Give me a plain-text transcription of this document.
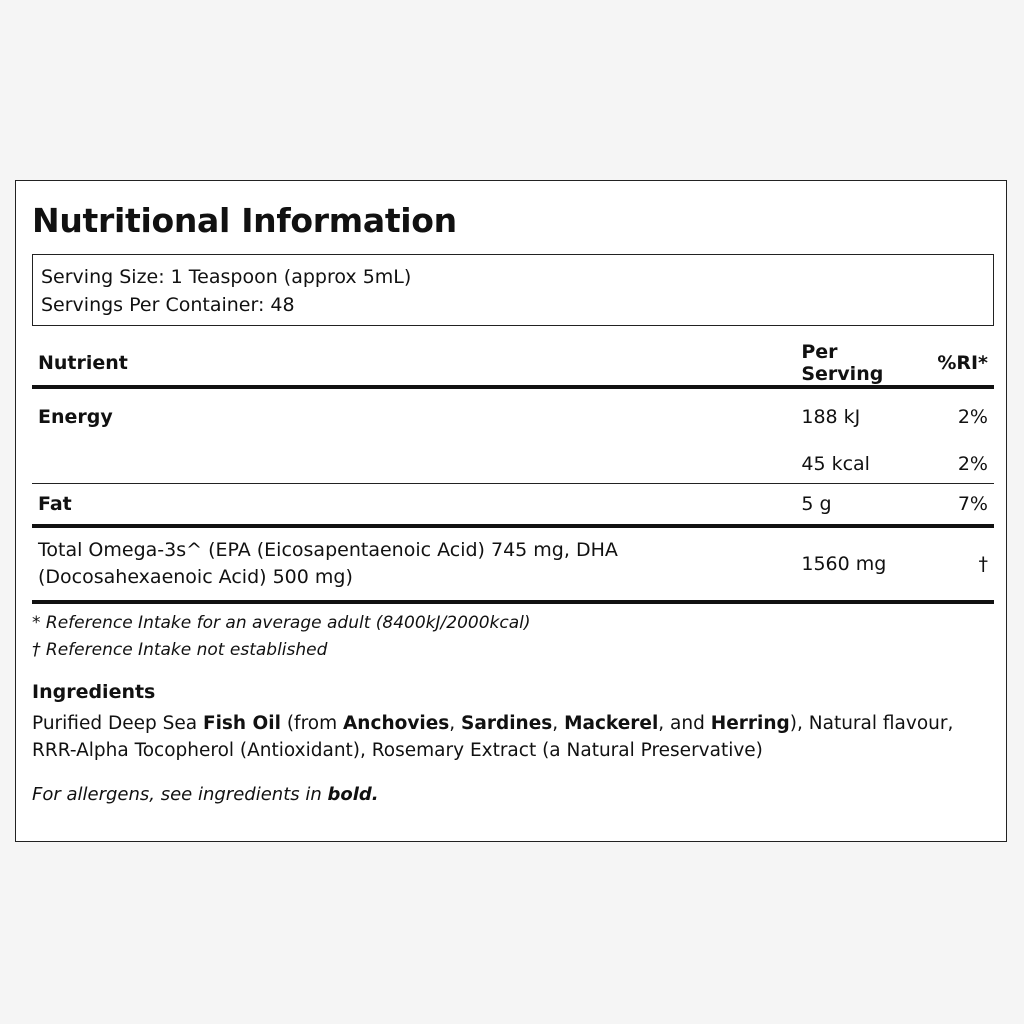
Nutritional Information
Serving Size: 1 Teaspoon (approx 5mL)
Servings Per Container: 48
Nutrient	Per Serving	%RI*
Energy	188 kJ	2%
	45 kcal	2%
Fat	5 g	7%
Total Omega-3s^ (EPA (Eicosapentaenoic Acid) 745 mg, DHA (Docosahexaenoic Acid) 500 mg)	1560 mg	†
* Reference Intake for an average adult (8400kJ/2000kcal)
† Reference Intake not established
Ingredients
Purified Deep Sea Fish Oil (from Anchovies, Sardines, Mackerel, and Herring), Natural flavour, RRR-Alpha Tocopherol (Antioxidant), Rosemary Extract (a Natural Preservative)
For allergens, see ingredients in bold.
